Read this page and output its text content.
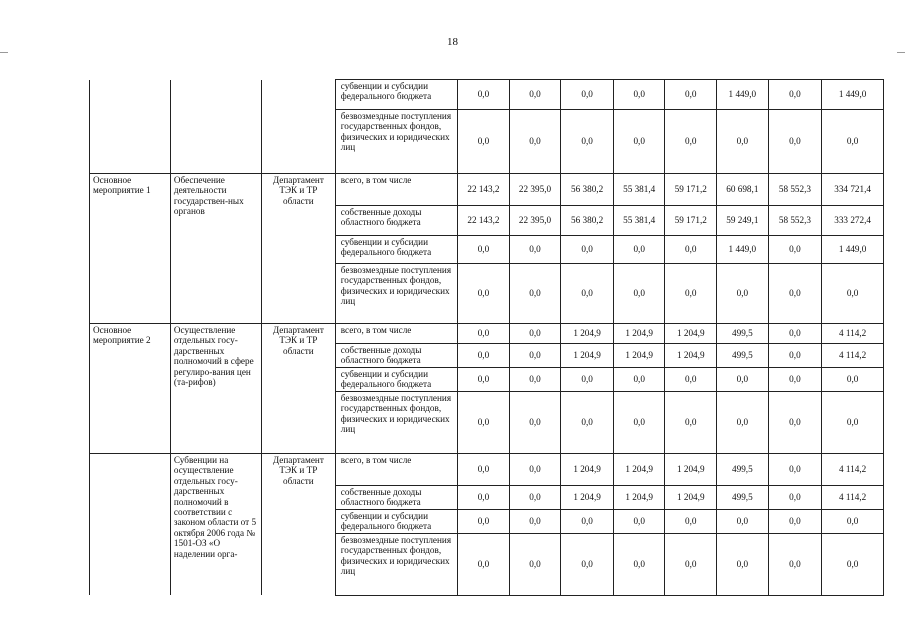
18
			субвенции и субсидии федерального бюджета	0,0	0,0	0,0	0,0	0,0	1 449,0	0,0	1 449,0
			безвозмездные поступления государственных фондов, физических и юридических лиц	0,0	0,0	0,0	0,0	0,0	0,0	0,0	0,0
Основное мероприятие 1	Обеспечение деятельности государствен-ных органов	Департамент ТЭК и ТР области	всего, в том числе	22 143,2	22 395,0	56 380,2	55 381,4	59 171,2	60 698,1	58 552,3	334 721,4
			собственные доходы областного бюджета	22 143,2	22 395,0	56 380,2	55 381,4	59 171,2	59 249,1	58 552,3	333 272,4
			субвенции и субсидии федерального бюджета	0,0	0,0	0,0	0,0	0,0	1 449,0	0,0	1 449,0
			безвозмездные поступления государственных фондов, физических и юридических лиц	0,0	0,0	0,0	0,0	0,0	0,0	0,0	0,0
Основное мероприятие 2	Осуществление отдельных госу-дарственных полномочий в сфере регулиро-вания цен (та-рифов)	Департамент ТЭК и ТР области	всего, в том числе	0,0	0,0	1 204,9	1 204,9	1 204,9	499,5	0,0	4 114,2
			собственные доходы областного бюджета	0,0	0,0	1 204,9	1 204,9	1 204,9	499,5	0,0	4 114,2
			субвенции и субсидии федерального бюджета	0,0	0,0	0,0	0,0	0,0	0,0	0,0	0,0
			безвозмездные поступления государственных фондов, физических и юридических лиц	0,0	0,0	0,0	0,0	0,0	0,0	0,0	0,0
	Субвенции на осуществление отдельных госу-дарственных полномочий в соответствии с законом области от 5 октября 2006 года № 1501-ОЗ «О наделении орга-	Департамент ТЭК и ТР области	всего, в том числе	0,0	0,0	1 204,9	1 204,9	1 204,9	499,5	0,0	4 114,2
			собственные доходы областного бюджета	0,0	0,0	1 204,9	1 204,9	1 204,9	499,5	0,0	4 114,2
			субвенции и субсидии федерального бюджета	0,0	0,0	0,0	0,0	0,0	0,0	0,0	0,0
			безвозмездные поступления государственных фондов, физических и юридических лиц	0,0	0,0	0,0	0,0	0,0	0,0	0,0	0,0
